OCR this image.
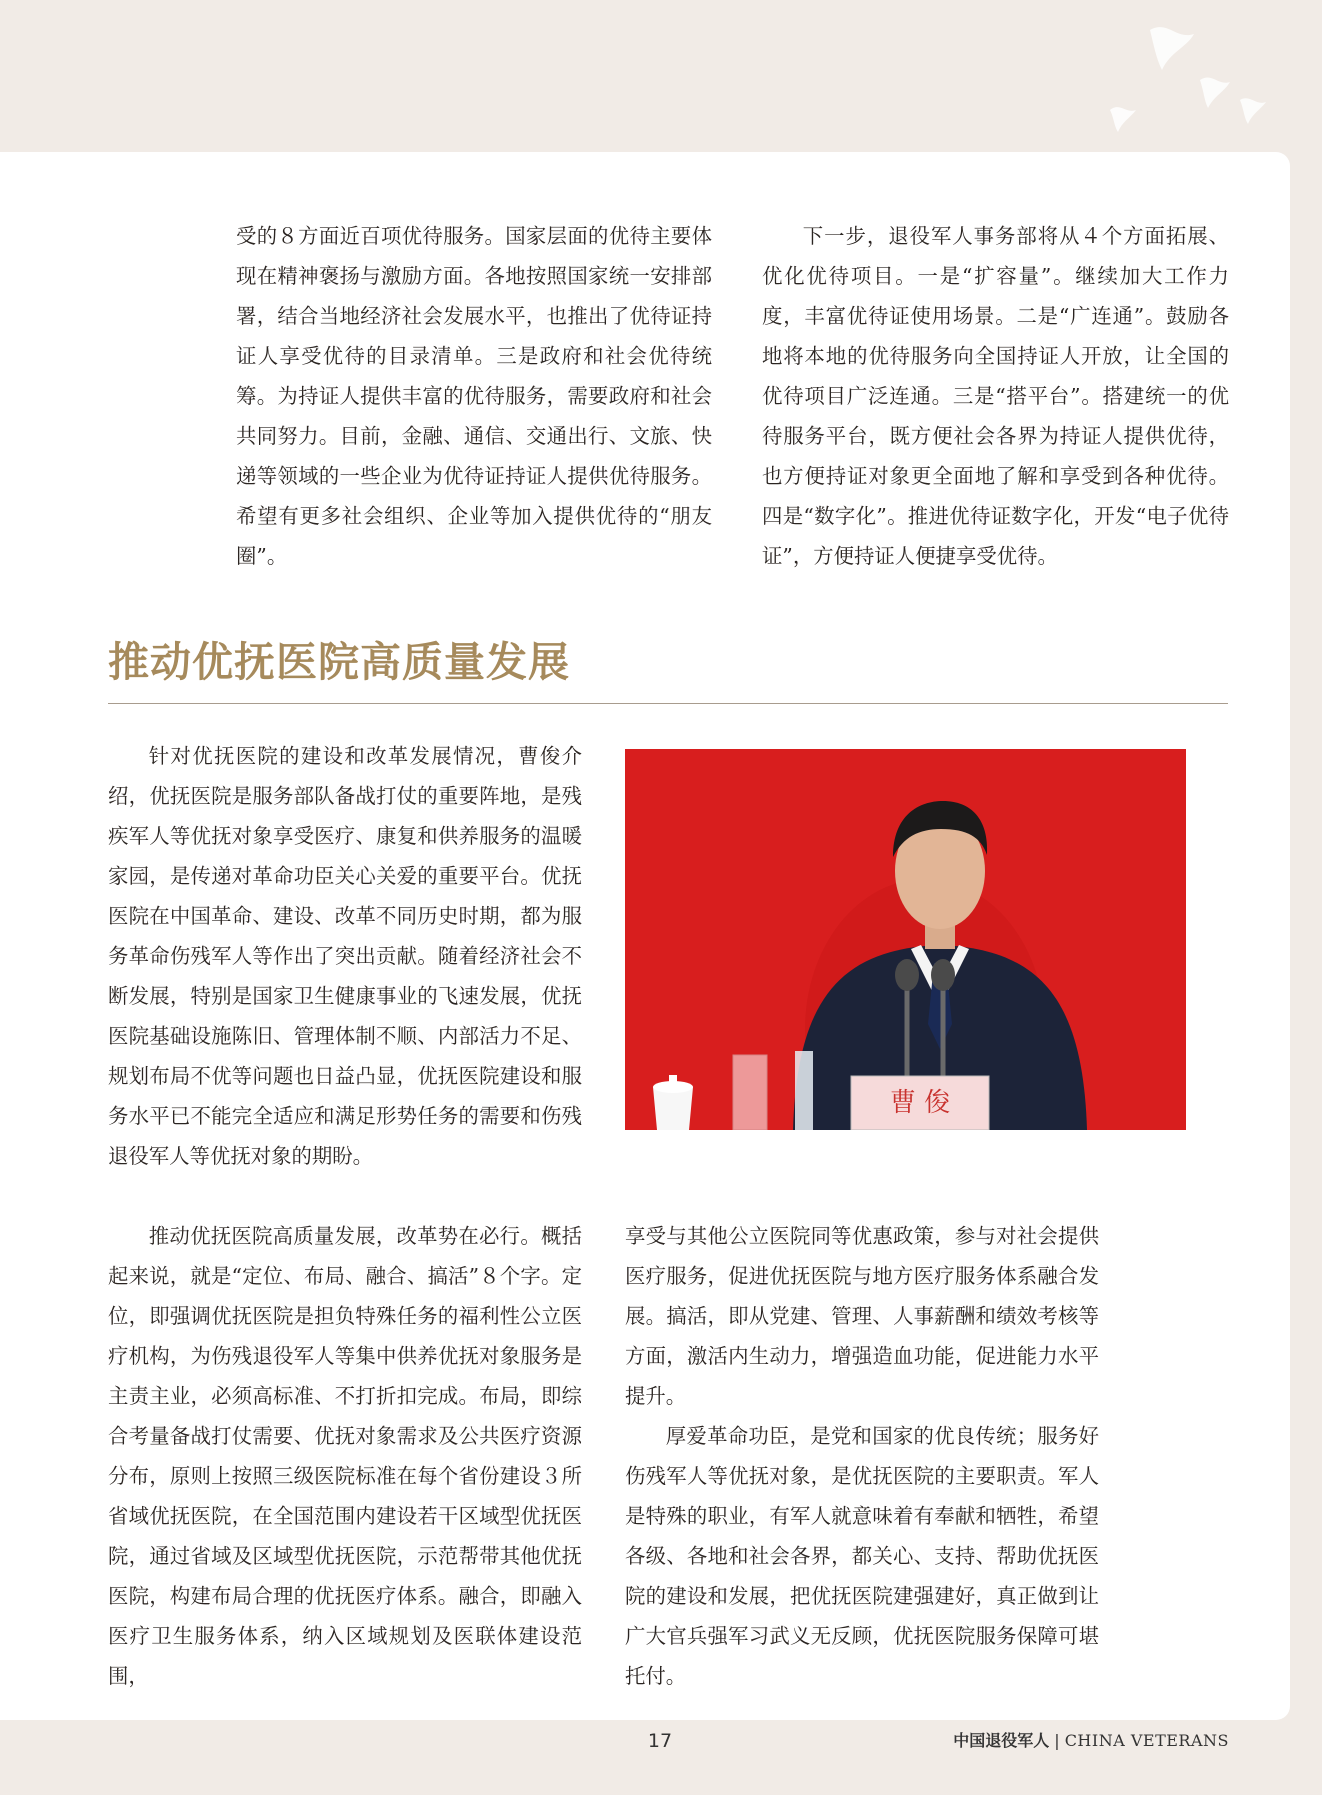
受的８方面近百项优待服务。国家层面的优待主要体现在精神褒扬与激励方面。各地按照国家统一安排部署，结合当地经济社会发展水平，也推出了优待证持证人享受优待的目录清单。三是政府和社会优待统筹。为持证人提供丰富的优待服务，需要政府和社会共同努力。目前，金融、通信、交通出行、文旅、快递等领域的一些企业为优待证持证人提供优待服务。希望有更多社会组织、企业等加入提供优待的“朋友圈”。

下一步，退役军人事务部将从４个方面拓展、优化优待项目。一是“扩容量”。继续加大工作力度，丰富优待证使用场景。二是“广连通”。鼓励各地将本地的优待服务向全国持证人开放，让全国的优待项目广泛连通。三是“搭平台”。搭建统一的优待服务平台，既方便社会各界为持证人提供优待，也方便持证对象更全面地了解和享受到各种优待。四是“数字化”。推进优待证数字化，开发“电子优待证”，方便持证人便捷享受优待。

推动优抚医院高质量发展

针对优抚医院的建设和改革发展情况，曹俊介绍，优抚医院是服务部队备战打仗的重要阵地，是残疾军人等优抚对象享受医疗、康复和供养服务的温暖家园，是传递对革命功臣关心关爱的重要平台。优抚医院在中国革命、建设、改革不同历史时期，都为服务革命伤残军人等作出了突出贡献。随着经济社会不断发展，特别是国家卫生健康事业的飞速发展，优抚医院基础设施陈旧、管理体制不顺、内部活力不足、规划布局不优等问题也日益凸显，优抚医院建设和服务水平已不能完全适应和满足形势任务的需要和伤残退役军人等优抚对象的期盼。

推动优抚医院高质量发展，改革势在必行。概括起来说，就是“定位、布局、融合、搞活”８个字。定位，即强调优抚医院是担负特殊任务的福利性公立医疗机构，为伤残退役军人等集中供养优抚对象服务是主责主业，必须高标准、不打折扣完成。布局，即综合考量备战打仗需要、优抚对象需求及公共医疗资源分布，原则上按照三级医院标准在每个省份建设３所省域优抚医院，在全国范围内建设若干区域型优抚医院，通过省域及区域型优抚医院，示范帮带其他优抚医院，构建布局合理的优抚医疗体系。融合，即融入医疗卫生服务体系，纳入区域规划及医联体建设范围，

曹 俊

享受与其他公立医院同等优惠政策，参与对社会提供医疗服务，促进优抚医院与地方医疗服务体系融合发展。搞活，即从党建、管理、人事薪酬和绩效考核等方面，激活内生动力，增强造血功能，促进能力水平提升。

厚爱革命功臣，是党和国家的优良传统；服务好伤残军人等优抚对象，是优抚医院的主要职责。军人是特殊的职业，有军人就意味着有奉献和牺牲，希望各级、各地和社会各界，都关心、支持、帮助优抚医院的建设和发展，把优抚医院建强建好，真正做到让广大官兵强军习武义无反顾，优抚医院服务保障可堪托付。

17	中国退役军人 | CHINA VETERANS
